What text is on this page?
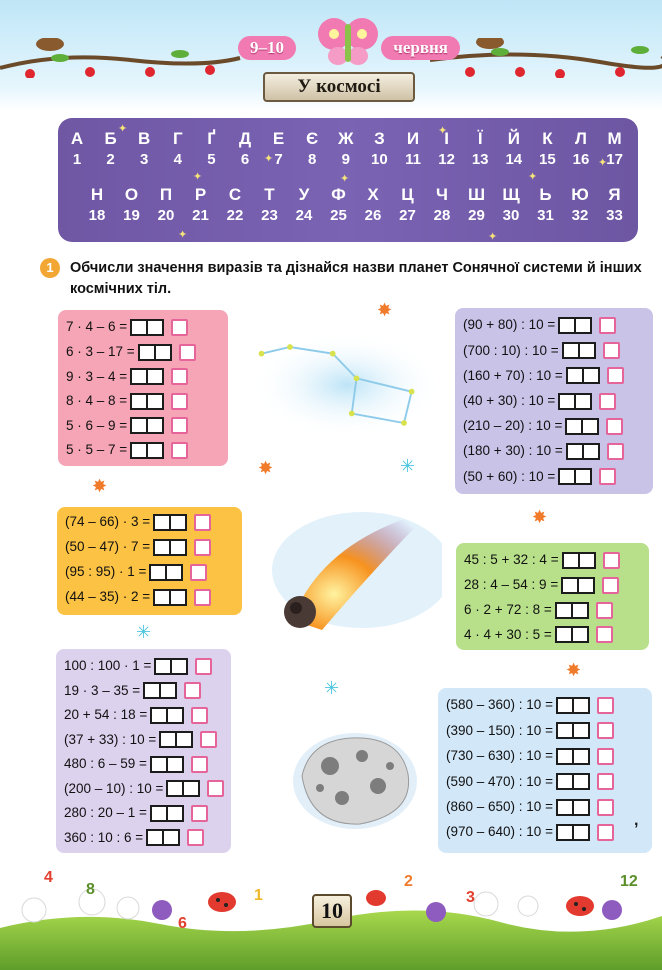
9–10	червня
У космосі
А
1
Б
2
В
3
Г
4
Ґ
5
Д
6
Е
7
Є
8
Ж
9
З
10
И
11
І
12
Ї
13
Й
14
К
15
Л
16
М
17
Н
18
О
19
П
20
Р
21
С
22
Т
23
У
24
Ф
25
Х
26
Ц
27
Ч
28
Ш
29
Щ
30
Ь
31
Ю
32
Я
33
✦
✦
✦
✦
✦
✦
✦
✦	✦
1	Обчисли значення виразів та дізнайся назви планет Сонячної системи й інших космічних тіл.
7 · 4 – 6 =
6 · 3 – 17 =
9 · 3 – 4 =
8 · 4 – 8 =
5 · 6 – 9 =
5 · 5 – 7 =
(74 – 66) · 3 =
(50 – 47) · 7 =
(95 : 95) · 1 =
(44 – 35) · 2 =
100 : 100 · 1 =
19 · 3 – 35 =
20 + 54 : 18 =
(37 + 33) : 10 =
480 : 6 – 59 =
(200 – 10) : 10 =
280 : 20 – 1 =
360 : 10 : 6 =
(90 + 80) : 10 =
(700 : 10) : 10 =
(160 + 70) : 10 =
(40 + 30) : 10 =
(210 – 20) : 10 =
(180 + 30) : 10 =
(50 + 60) : 10 =
45 : 5 + 32 : 4 =
28 : 4 – 54 : 9 =
6 · 2 + 72 : 8 =
4 · 4 + 30 : 5 =
(580 – 360) : 10 =
(390 – 150) : 10 =
(730 – 630) : 10 =
(590 – 470) : 10 =
(860 – 650) : 10 =
(970 – 640) : 10 =
,
✸
✸
✸
✳
✸
✳
✳
✸
4
8
6
1
2
3
12
10
